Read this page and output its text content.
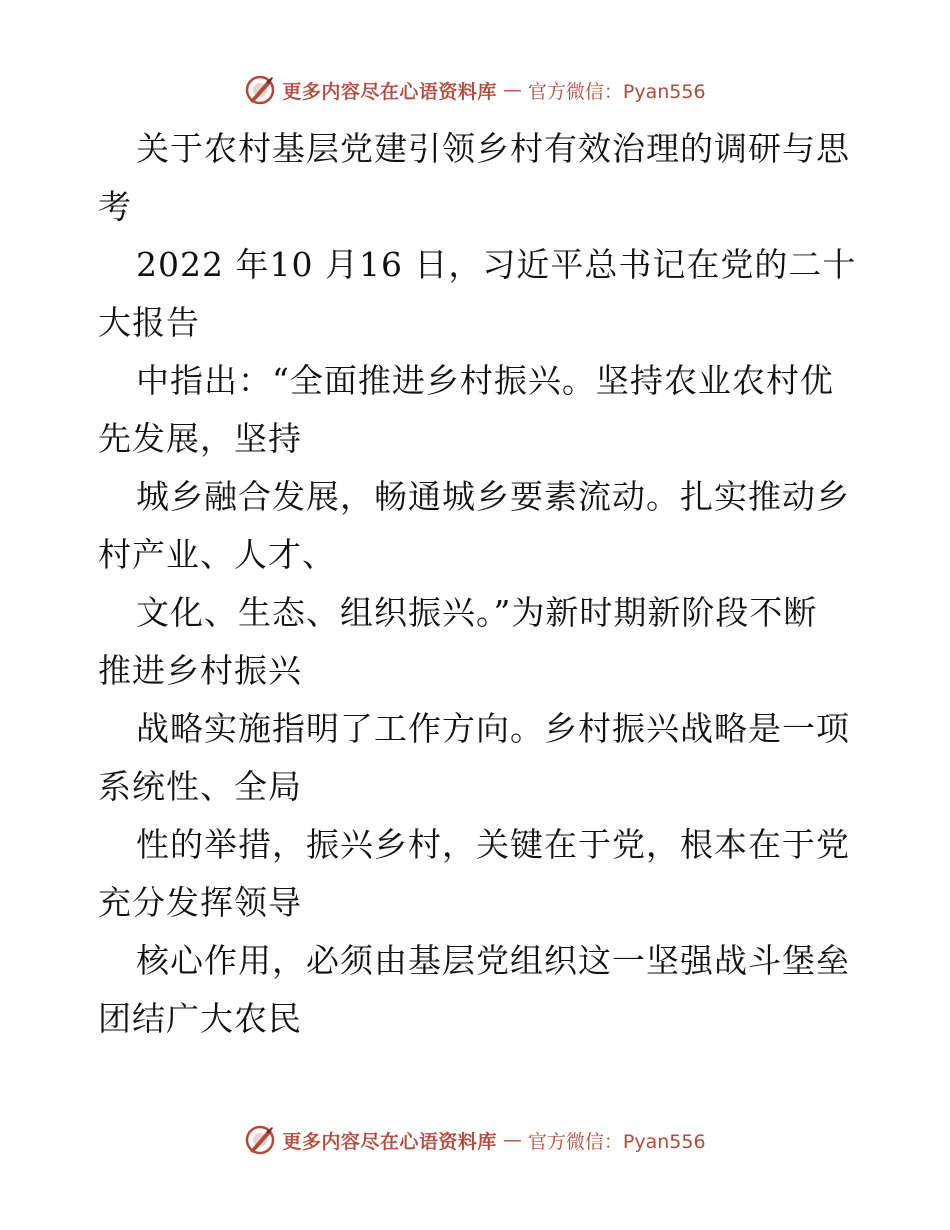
更多内容尽在心语资料库 — 官方微信：Pyan556
关于农村基层党建引领乡村有效治理的调研与思
考
2022 年10 月16 日，习近平总书记在党的二十
大报告
中指出：“全面推进乡村振兴。坚持农业农村优
先发展，坚持
城乡融合发展，畅通城乡要素流动。扎实推动乡
村产业、人才、
文化、生态、组织振兴。”为新时期新阶段不断
推进乡村振兴
战略实施指明了工作方向。乡村振兴战略是一项
系统性、全局
性的举措，振兴乡村，关键在于党，根本在于党
充分发挥领导
核心作用，必须由基层党组织这一坚强战斗堡垒
团结广大农民
更多内容尽在心语资料库 — 官方微信：Pyan556
